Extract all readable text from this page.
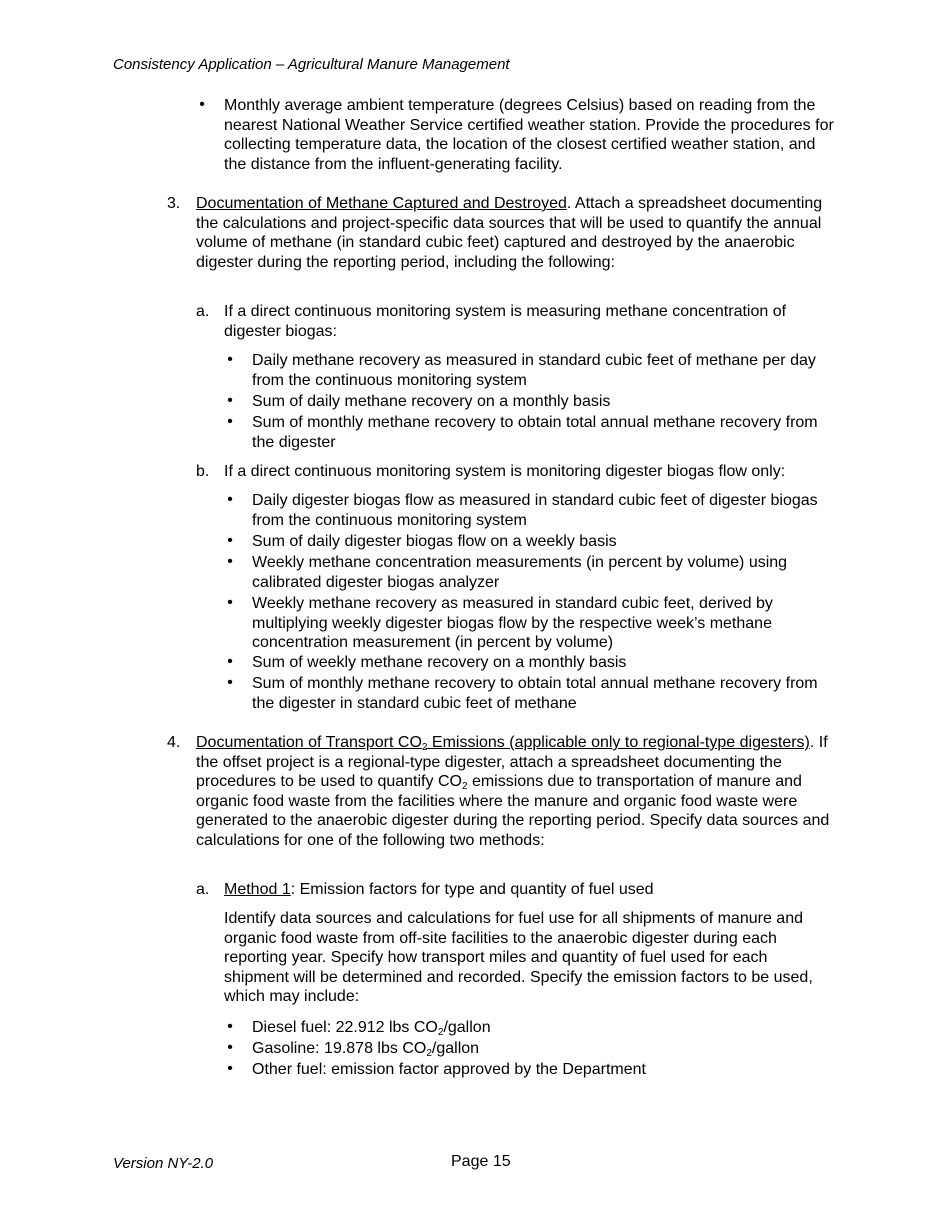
Consistency Application – Agricultural Manure Management
•	Monthly average ambient temperature (degrees Celsius) based on reading from the nearest National Weather Service certified weather station. Provide the procedures for collecting temperature data, the location of the closest certified weather station, and the distance from the influent-generating facility.
3. Documentation of Methane Captured and Destroyed. Attach a spreadsheet documenting the calculations and project-specific data sources that will be used to quantify the annual volume of methane (in standard cubic feet) captured and destroyed by the anaerobic digester during the reporting period, including the following:
a. If a direct continuous monitoring system is measuring methane concentration of digester biogas:
•	Daily methane recovery as measured in standard cubic feet of methane per day from the continuous monitoring system
•	Sum of daily methane recovery on a monthly basis
•	Sum of monthly methane recovery to obtain total annual methane recovery from the digester
b. If a direct continuous monitoring system is monitoring digester biogas flow only:
•	Daily digester biogas flow as measured in standard cubic feet of digester biogas from the continuous monitoring system
•	Sum of daily digester biogas flow on a weekly basis
•	Weekly methane concentration measurements (in percent by volume) using calibrated digester biogas analyzer
•	Weekly methane recovery as measured in standard cubic feet, derived by multiplying weekly digester biogas flow by the respective week’s methane concentration measurement (in percent by volume)
•	Sum of weekly methane recovery on a monthly basis
•	Sum of monthly methane recovery to obtain total annual methane recovery from the digester in standard cubic feet of methane
4. Documentation of Transport $CO_2$ Emissions (applicable only to regional-type digesters). If the offset project is a regional-type digester, attach a spreadsheet documenting the procedures to be used to quantify $CO_2$ emissions due to transportation of manure and organic food waste from the facilities where the manure and organic food waste were generated to the anaerobic digester during the reporting period. Specify data sources and calculations for one of the following two methods:
a. Method 1: Emission factors for type and quantity of fuel used
Identify data sources and calculations for fuel use for all shipments of manure and organic food waste from off-site facilities to the anaerobic digester during each reporting year. Specify how transport miles and quantity of fuel used for each shipment will be determined and recorded. Specify the emission factors to be used, which may include:
•	Diesel fuel: 22.912 lbs $CO_2$/gallon
•	Gasoline: 19.878 lbs $CO_2$/gallon
•	Other fuel: emission factor approved by the Department
Version NY-2.0	Page 15
